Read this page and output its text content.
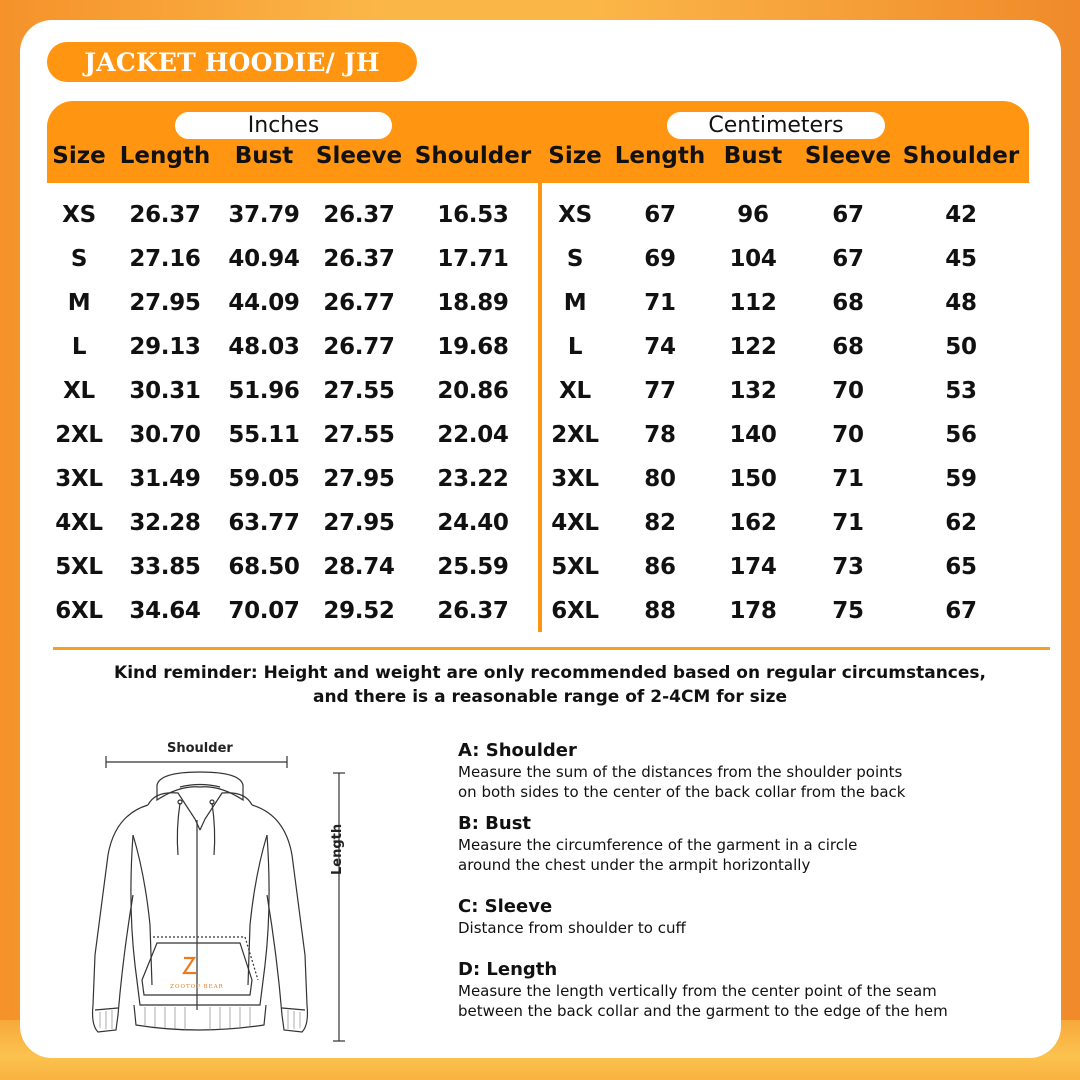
JACKET HOODIE/ JH
Inches	Centimeters
Size Length Bust Sleeve Shoulder Size Length Bust Sleeve Shoulder
XS 26.37 37.79 26.37 16.53 XS 67	96	67	42
S 27.16 40.94 26.37 17.71	S	69 104 67	45
M 27.95 44.09 26.77 18.89 M	71 112 68	48
L 29.13 48.03 26.77 19.68	L	74 122 68	50
XL 30.31 51.96 27.55 20.86 XL 77 132 70	53
2XL 30.70 55.11 27.55 22.04 2XL 78 140 70	56
3XL 31.49 59.05 27.95 23.22 3XL 80 150 71	59
4XL 32.28 63.77 27.95 24.40 4XL 82 162 71	62
5XL 33.85 68.50 28.74 25.59 5XL 86 174 73	65
6XL 34.64 70.07 29.52 26.37 6XL 88 178 75	67
Kind reminder: Height and weight are only recommended based on regular circumstances,
and there is a reasonable range of 2-4CM for size
Shoulder
ZOOTOP BEAR
Length
A: Shoulder

Measure the sum of the distances from the shoulder points

on both sides to the center of the back collar from the back

B: Bust

Measure the circumference of the garment in a circle

around the chest under the armpit horizontally

C: Sleeve

Distance from shoulder to cuff

D: Length

Measure the length vertically from the center point of the seam

between the back collar and the garment to the edge of the hem
